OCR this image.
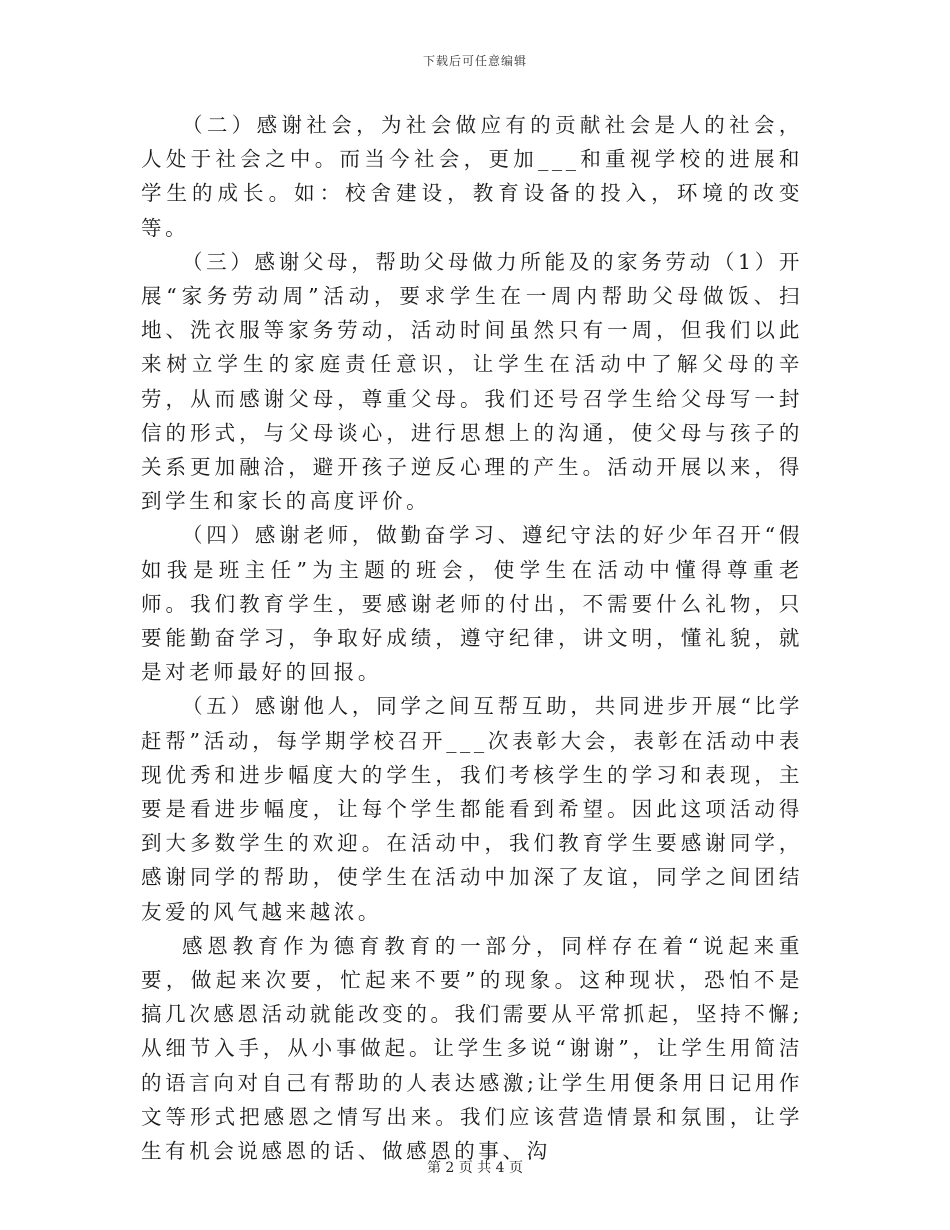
下载后可任意编辑

（二）感谢社会，为社会做应有的贡献社会是人的社会，人处于社会之中。而当今社会，更加___和重视学校的进展和学生的成长。如：校舍建设，教育设备的投入，环境的改变等。

（三）感谢父母，帮助父母做力所能及的家务劳动（1）开展“家务劳动周”活动，要求学生在一周内帮助父母做饭、扫地、洗衣服等家务劳动，活动时间虽然只有一周，但我们以此来树立学生的家庭责任意识，让学生在活动中了解父母的辛劳，从而感谢父母，尊重父母。我们还号召学生给父母写一封信的形式，与父母谈心，进行思想上的沟通，使父母与孩子的关系更加融洽，避开孩子逆反心理的产生。活动开展以来，得到学生和家长的高度评价。

（四）感谢老师，做勤奋学习、遵纪守法的好少年召开“假如我是班主任”为主题的班会，使学生在活动中懂得尊重老师。我们教育学生，要感谢老师的付出，不需要什么礼物，只要能勤奋学习，争取好成绩，遵守纪律，讲文明，懂礼貌，就是对老师最好的回报。

（五）感谢他人，同学之间互帮互助，共同进步开展“比学赶帮”活动，每学期学校召开___次表彰大会，表彰在活动中表现优秀和进步幅度大的学生，我们考核学生的学习和表现，主要是看进步幅度，让每个学生都能看到希望。因此这项活动得到大多数学生的欢迎。在活动中，我们教育学生要感谢同学，感谢同学的帮助，使学生在活动中加深了友谊，同学之间团结友爱的风气越来越浓。

感恩教育作为德育教育的一部分，同样存在着“说起来重要，做起来次要，忙起来不要”的现象。这种现状，恐怕不是搞几次感恩活动就能改变的。我们需要从平常抓起，坚持不懈;从细节入手，从小事做起。让学生多说“谢谢”，让学生用简洁的语言向对自己有帮助的人表达感激;让学生用便条用日记用作文等形式把感恩之情写出来。我们应该营造情景和氛围，让学生有机会说感恩的话、做感恩的事、沟

第 2 页 共 4 页
